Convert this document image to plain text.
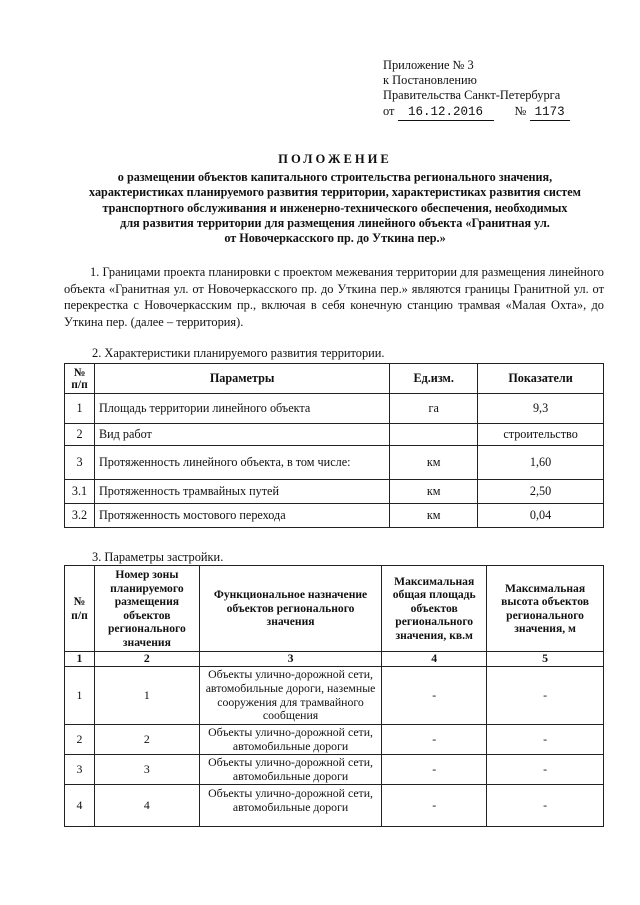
Приложение № 3
к Постановлению
Правительства Санкт-Петербурга
от 16.12.2016	№ 1173
ПОЛОЖЕНИЕ
о размещении объектов капитального строительства регионального значения,
характеристиках планируемого развития территории, характеристиках развития систем
транспортного обслуживания и инженерно-технического обеспечения, необходимых
для развития территории для размещения линейного объекта «Гранитная ул.
от Новочеркасского пр. до Уткина пер.»
1. Границами проекта планировки с проектом межевания территории для размещения линейного объекта «Гранитная ул. от Новочеркасского пр. до Уткина пер.» являются границы Гранитной ул. от перекрестка с Новочеркасским пр., включая в себя конечную станцию трамвая «Малая Охта», до Уткина пер. (далее – территория).
2. Характеристики планируемого развития территории.
№ п/п	Параметры	Ед.изм.	Показатели
1	Площадь территории линейного объекта	га	9,3
2	Вид работ		строительство
3	Протяженность линейного объекта, в том числе:	км	1,60
3.1	Протяженность трамвайных путей	км	2,50
3.2	Протяженность мостового перехода	км	0,04
3. Параметры застройки.
№ п/п	Номер зоны планируемого размещения объектов регионального значения	Функциональное назначение объектов регионального значения	Максимальная общая площадь объектов регионального значения, кв.м	Максимальная высота объектов регионального значения, м
1	2	3	4	5
1	1	Объекты улично-дорожной сети, автомобильные дороги, наземные сооружения для трамвайного сообщения	-	-
2	2	Объекты улично-дорожной сети, автомобильные дороги	-	-
3	3	Объекты улично-дорожной сети, автомобильные дороги	-	-
4	4	Объекты улично-дорожной сети, автомобильные дороги	-	-
